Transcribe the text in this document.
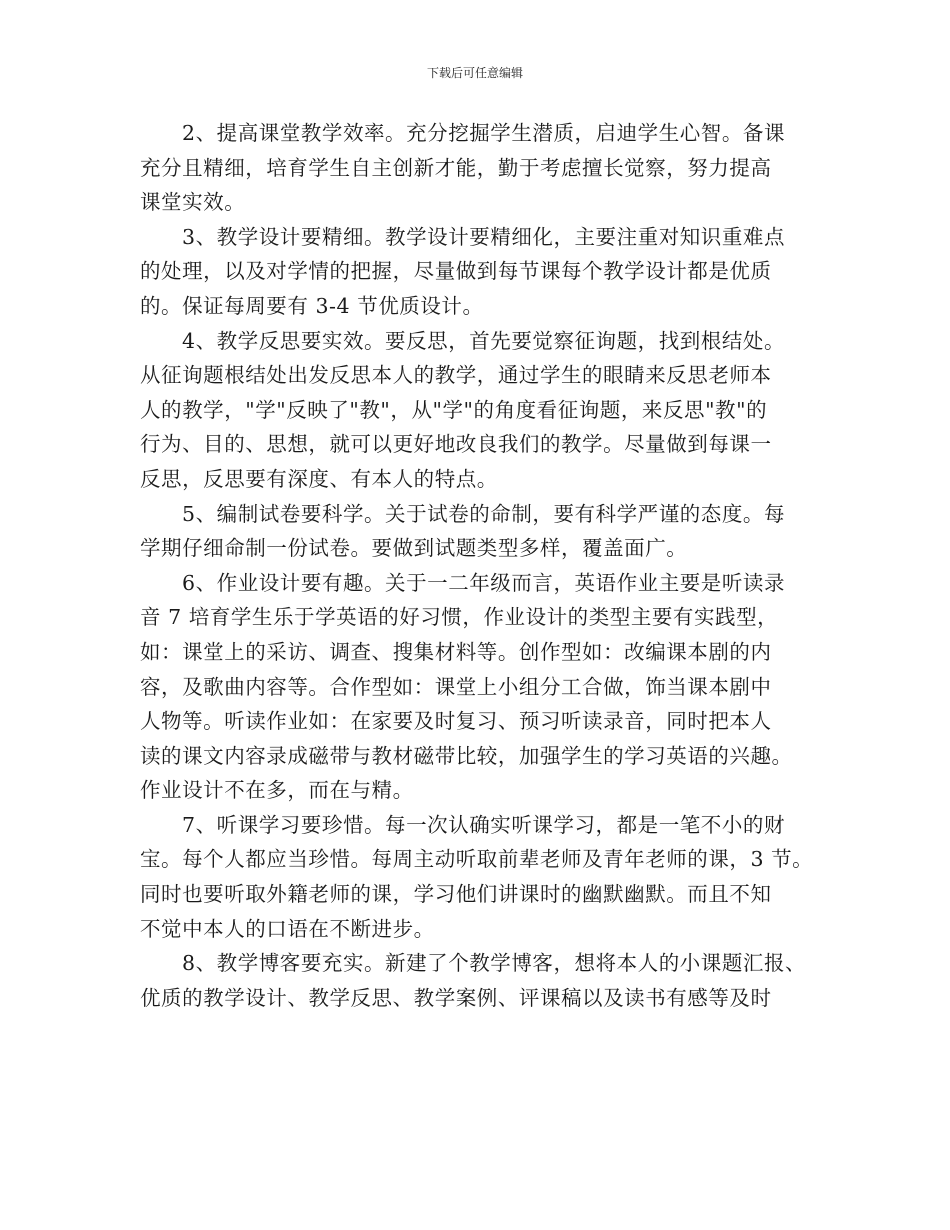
下载后可任意编辑
2、提高课堂教学效率。充分挖掘学生潜质，启迪学生心智。备课
充分且精细，培育学生自主创新才能，勤于考虑擅长觉察，努力提高
课堂实效。
3、教学设计要精细。教学设计要精细化，主要注重对知识重难点
的处理，以及对学情的把握，尽量做到每节课每个教学设计都是优质
的。保证每周要有 3-4 节优质设计。
4、教学反思要实效。要反思，首先要觉察征询题，找到根结处。
从征询题根结处出发反思本人的教学，通过学生的眼睛来反思老师本
人的教学，"学"反映了"教"，从"学"的角度看征询题，来反思"教"的
行为、目的、思想，就可以更好地改良我们的教学。尽量做到每课一
反思，反思要有深度、有本人的特点。
5、编制试卷要科学。关于试卷的命制，要有科学严谨的态度。每
学期仔细命制一份试卷。要做到试题类型多样，覆盖面广。
6、作业设计要有趣。关于一二年级而言，英语作业主要是听读录
音 7 培育学生乐于学英语的好习惯，作业设计的类型主要有实践型，
如：课堂上的采访、调查、搜集材料等。创作型如：改编课本剧的内
容，及歌曲内容等。合作型如：课堂上小组分工合做，饰当课本剧中
人物等。听读作业如：在家要及时复习、预习听读录音，同时把本人
读的课文内容录成磁带与教材磁带比较，加强学生的学习英语的兴趣。
作业设计不在多，而在与精。
7、听课学习要珍惜。每一次认确实听课学习，都是一笔不小的财
宝。每个人都应当珍惜。每周主动听取前辈老师及青年老师的课，3 节。
同时也要听取外籍老师的课，学习他们讲课时的幽默幽默。而且不知
不觉中本人的口语在不断进步。
8、教学博客要充实。新建了个教学博客，想将本人的小课题汇报、
优质的教学设计、教学反思、教学案例、评课稿以及读书有感等及时
